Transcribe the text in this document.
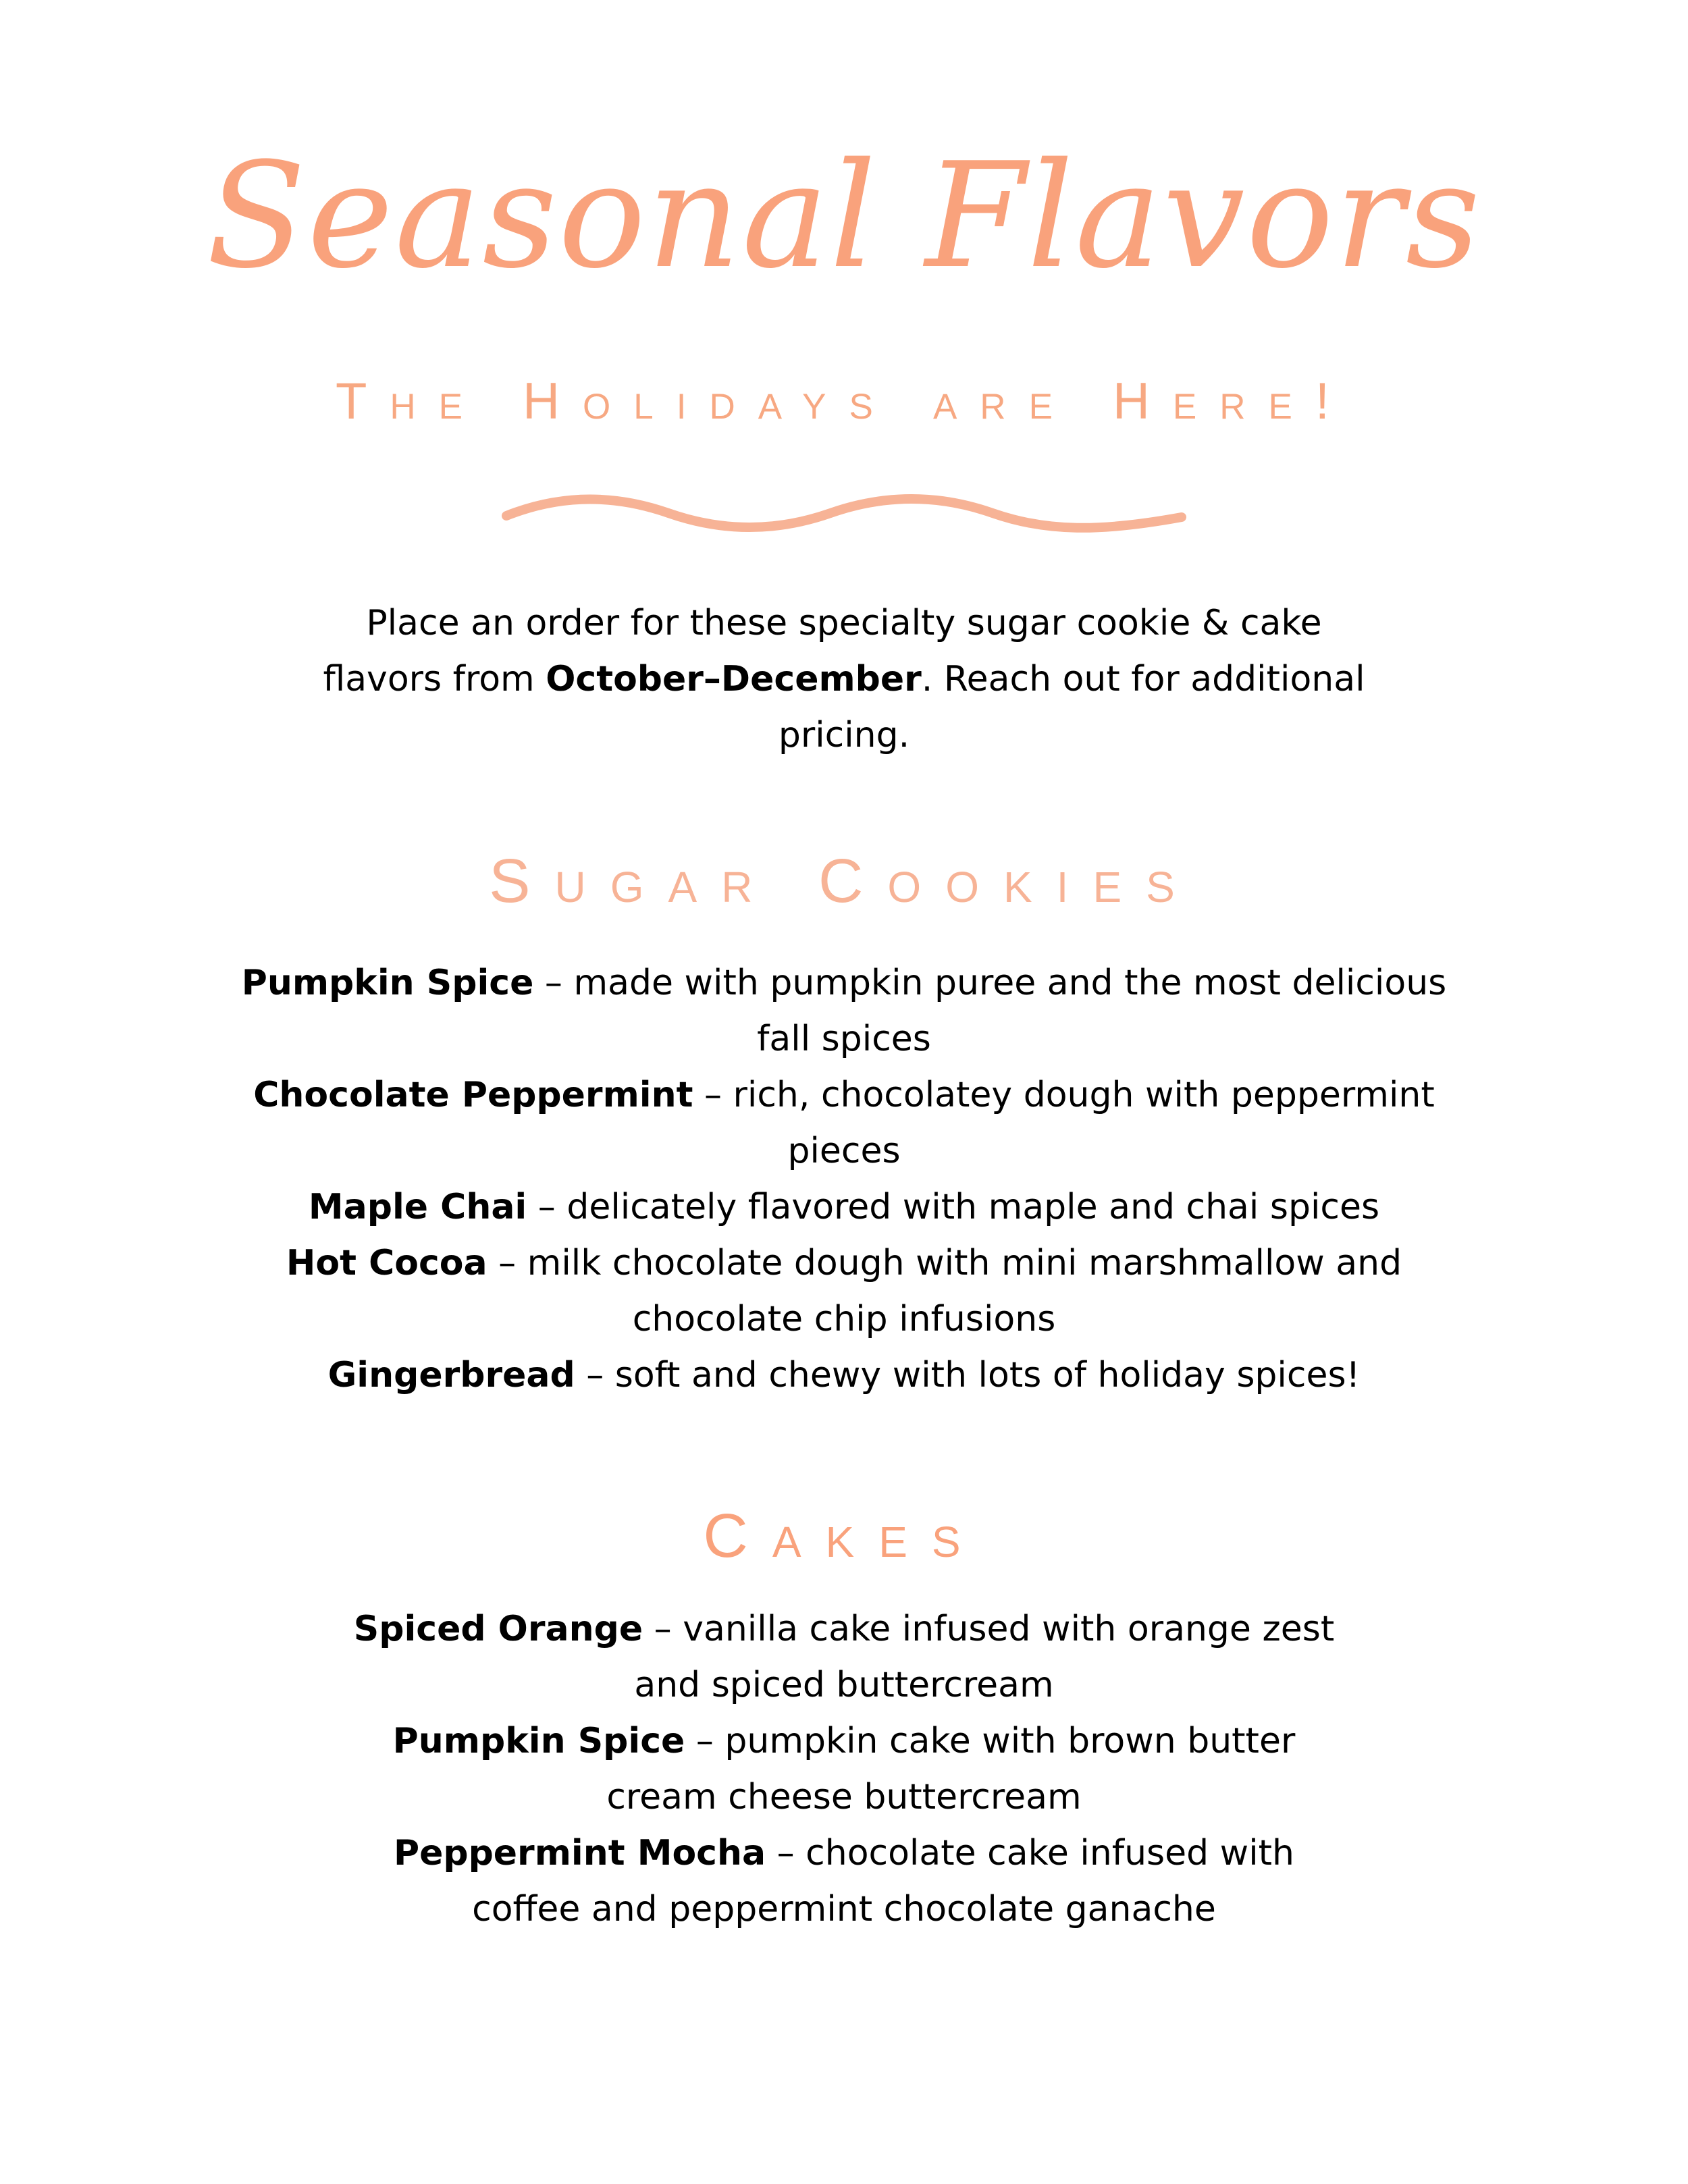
Seasonal Flavors
The Holidays are Here!
Place an order for these specialty sugar cookie & cake flavors from October–December. Reach out for additional pricing.
Sugar Cookies

Pumpkin Spice – made with pumpkin puree and the most delicious fall spices

Chocolate Peppermint – rich, chocolatey dough with peppermint pieces

Maple Chai – delicately flavored with maple and chai spices

Hot Cocoa – milk chocolate dough with mini marshmallow and chocolate chip infusions

Gingerbread – soft and chewy with lots of holiday spices!

Cakes

Spiced Orange – vanilla cake infused with orange zest and spiced buttercream

Pumpkin Spice – pumpkin cake with brown butter cream cheese buttercream

Peppermint Mocha – chocolate cake infused with coffee and peppermint chocolate ganache
